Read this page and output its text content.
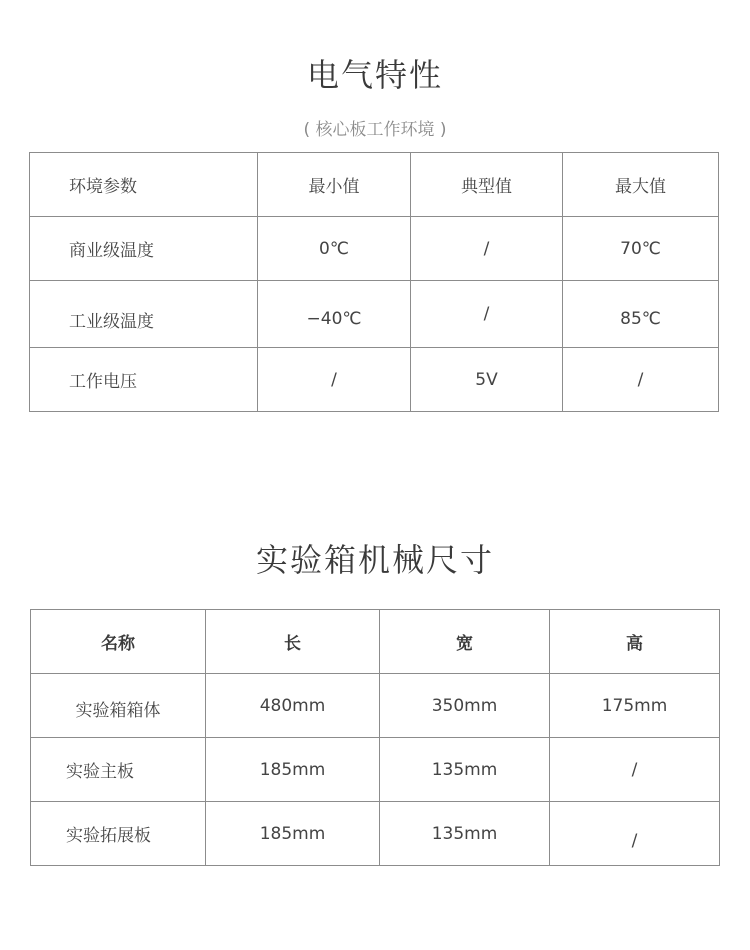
电气特性
( 核心板工作环境 )
环境参数	最小值	典型值	最大值
商业级温度	0℃	/	70℃
工业级温度	−40℃	/	85℃
工作电压	/	5V	/
实验箱机械尺寸
名称	长	宽	高
实验箱箱体	480mm	350mm	175mm
实验主板	185mm	135mm	/
实验拓展板	185mm	135mm	/
